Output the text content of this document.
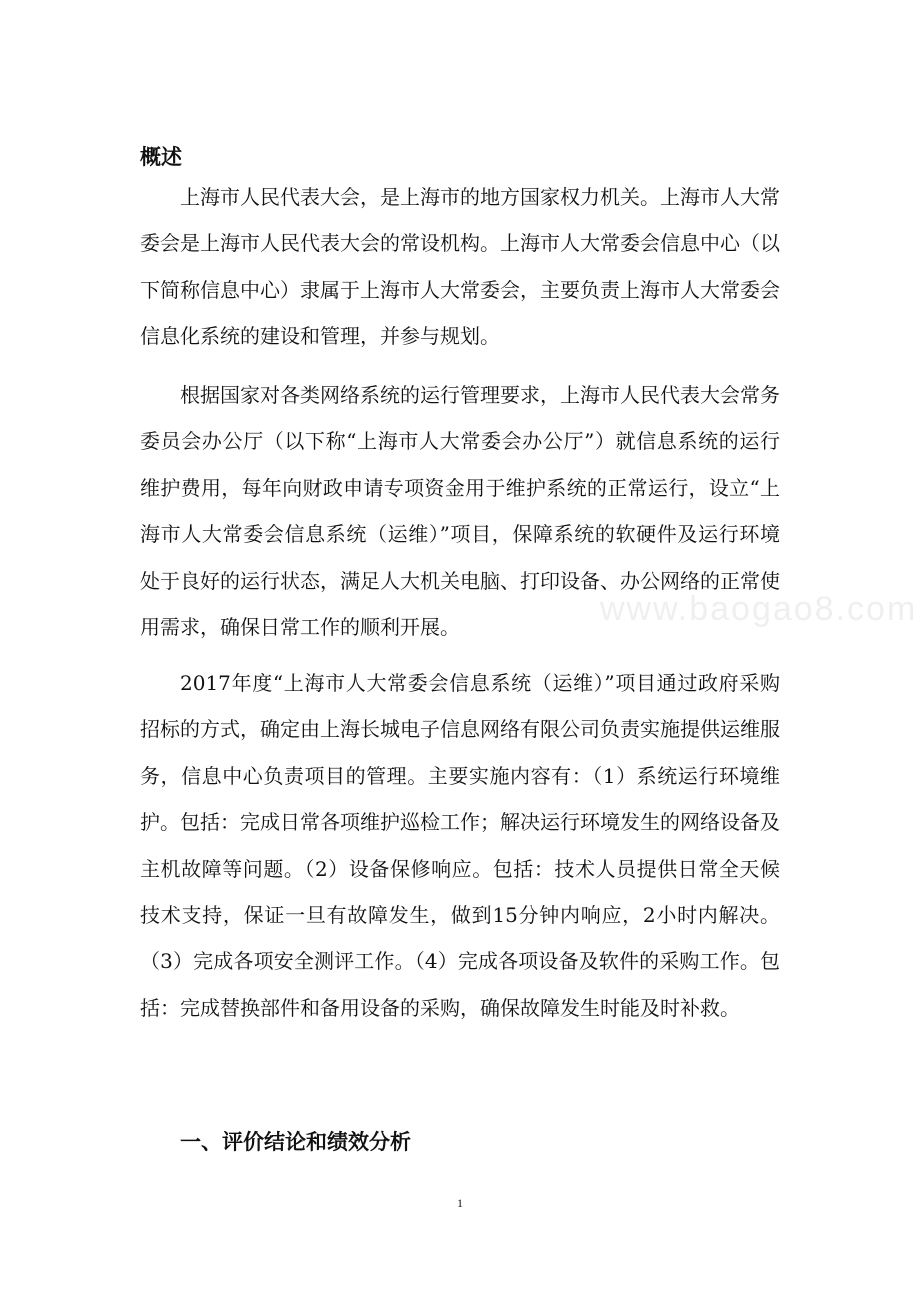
www.baogao8.com
概述

上海市人民代表大会，是上海市的地方国家权力机关。上海市人大常委会是上海市人民代表大会的常设机构。上海市人大常委会信息中心（以下简称信息中心）隶属于上海市人大常委会，主要负责上海市人大常委会信息化系统的建设和管理，并参与规划。

根据国家对各类网络系统的运行管理要求，上海市人民代表大会常务委员会办公厅（以下称“上海市人大常委会办公厅”）就信息系统的运行维护费用，每年向财政申请专项资金用于维护系统的正常运行，设立“上海市人大常委会信息系统（运维）”项目，保障系统的软硬件及运行环境处于良好的运行状态，满足人大机关电脑、打印设备、办公网络的正常使用需求，确保日常工作的顺利开展。

2017年度“上海市人大常委会信息系统（运维）”项目通过政府采购招标的方式，确定由上海长城电子信息网络有限公司负责实施提供运维服务，信息中心负责项目的管理。主要实施内容有：（1）系统运行环境维护。包括：完成日常各项维护巡检工作；解决运行环境发生的网络设备及主机故障等问题。（2）设备保修响应。包括：技术人员提供日常全天候技术支持，保证一旦有故障发生，做到15分钟内响应，2小时内解决。（3）完成各项安全测评工作。（4）完成各项设备及软件的采购工作。包括：完成替换部件和备用设备的采购，确保故障发生时能及时补救。

一、评价结论和绩效分析
1
